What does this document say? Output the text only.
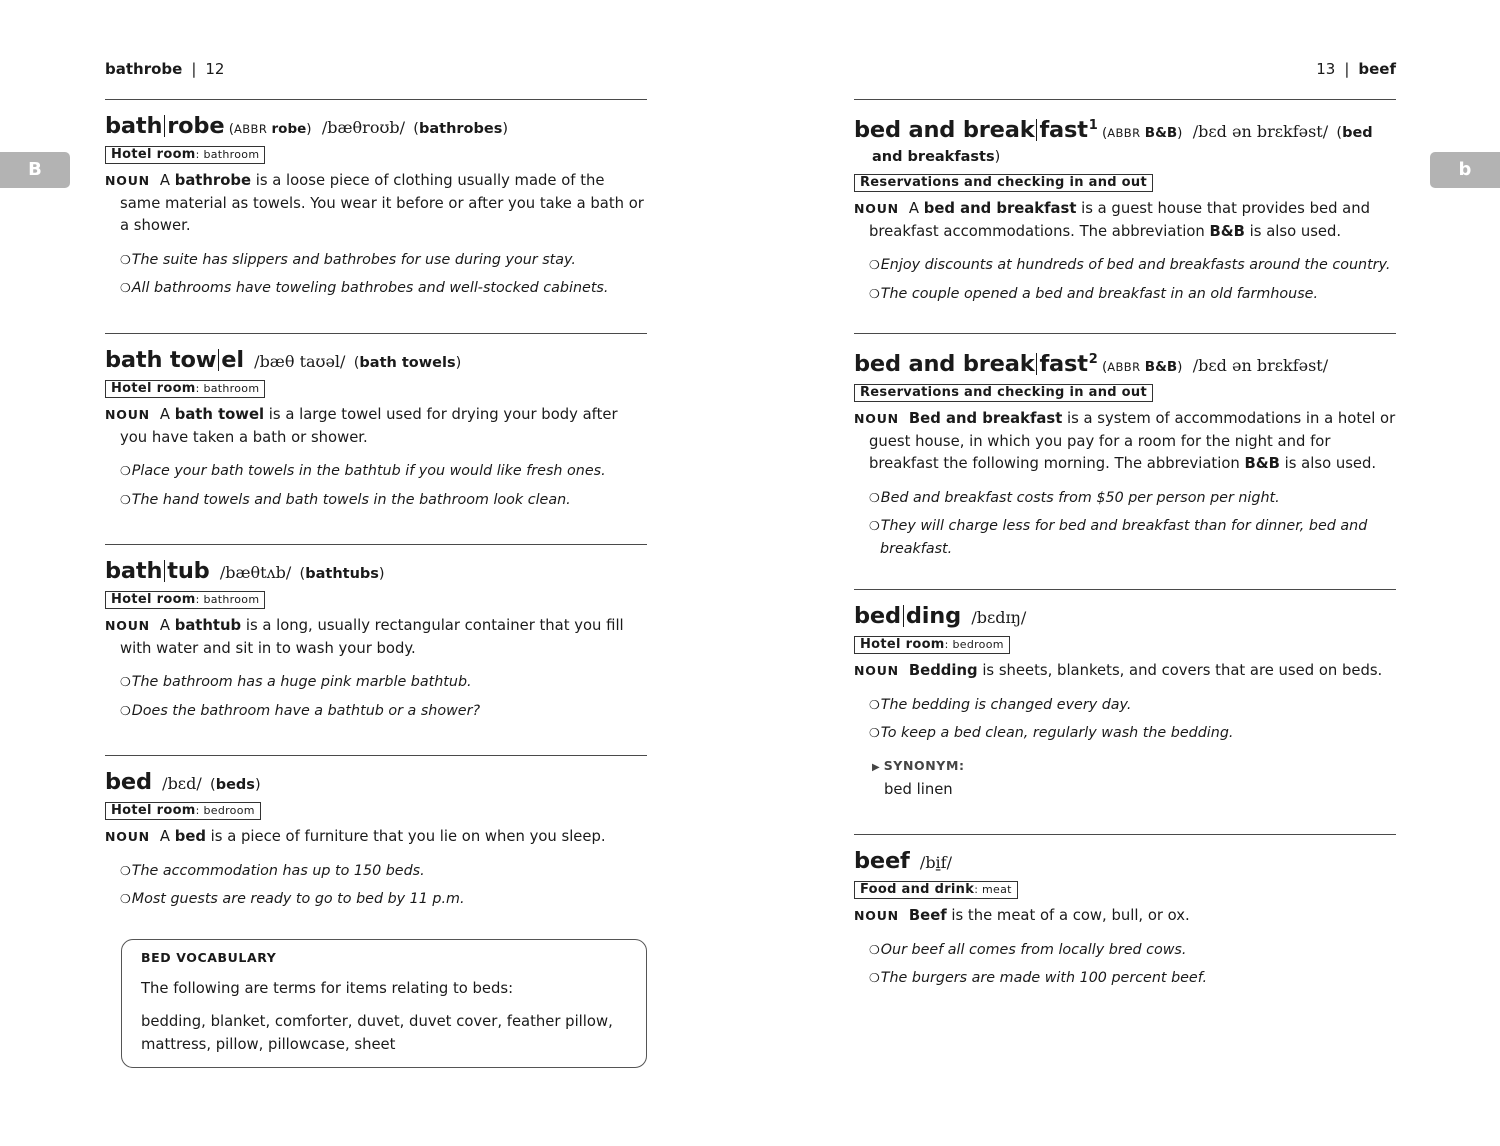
B	b
bathrobe | 12
bath robe (ABBR robe) /bæθroʊb/ (bathrobes)
Hotel room: bathroom
NOUN A bathrobe is a loose piece of clothing usually made of the same material as towels. You wear it before or after you take a bath or a shower.
❍The suite has slippers and bathrobes for use during your stay.
❍All bathrooms have toweling bathrobes and well-stocked cabinets.
bath tow el /bæθ taʊəl/ (bath towels)
Hotel room: bathroom
NOUN A bath towel is a large towel used for drying your body after you have taken a bath or shower.
❍Place your bath towels in the bathtub if you would like fresh ones.
❍The hand towels and bath towels in the bathroom look clean.
bath tub /bæθtʌb/ (bathtubs)
Hotel room: bathroom
NOUN A bathtub is a long, usually rectangular container that you fill with water and sit in to wash your body.
❍The bathroom has a huge pink marble bathtub.
❍Does the bathroom have a bathtub or a shower?
bed /bɛd/ (beds)
Hotel room: bedroom
NOUN A bed is a piece of furniture that you lie on when you sleep.
❍The accommodation has up to 150 beds.
❍Most guests are ready to go to bed by 11 p.m.
BED VOCABULARY
The following are terms for items relating to beds:
bedding, blanket, comforter, duvet, duvet cover, feather pillow, mattress, pillow, pillowcase, sheet
13 | beef
bed and break fast$^1$ (ABBR B&B) /bɛd ən brɛkfəst/ (bed and breakfasts)
Reservations and checking in and out
NOUN A bed and breakfast is a guest house that provides bed and breakfast accommodations. The abbreviation B&B is also used.
❍Enjoy discounts at hundreds of bed and breakfasts around the country.
❍The couple opened a bed and breakfast in an old farmhouse.
bed and break fast$^2$ (ABBR B&B) /bɛd ən brɛkfəst/
Reservations and checking in and out
NOUN Bed and breakfast is a system of accommodations in a hotel or guest house, in which you pay for a room for the night and for breakfast the following morning. The abbreviation B&B is also used.
❍Bed and breakfast costs from $50 per person per night.
❍They will charge less for bed and breakfast than for dinner, bed and breakfast.
bed ding /bɛdɪŋ/
Hotel room: bedroom
NOUN Bedding is sheets, blankets, and covers that are used on beds.
❍The bedding is changed every day.
❍To keep a bed clean, regularly wash the bedding.
▶ SYNONYM:
bed linen
beef /bi̱f/
Food and drink: meat
NOUN Beef is the meat of a cow, bull, or ox.
❍Our beef all comes from locally bred cows.
❍The burgers are made with 100 percent beef.
